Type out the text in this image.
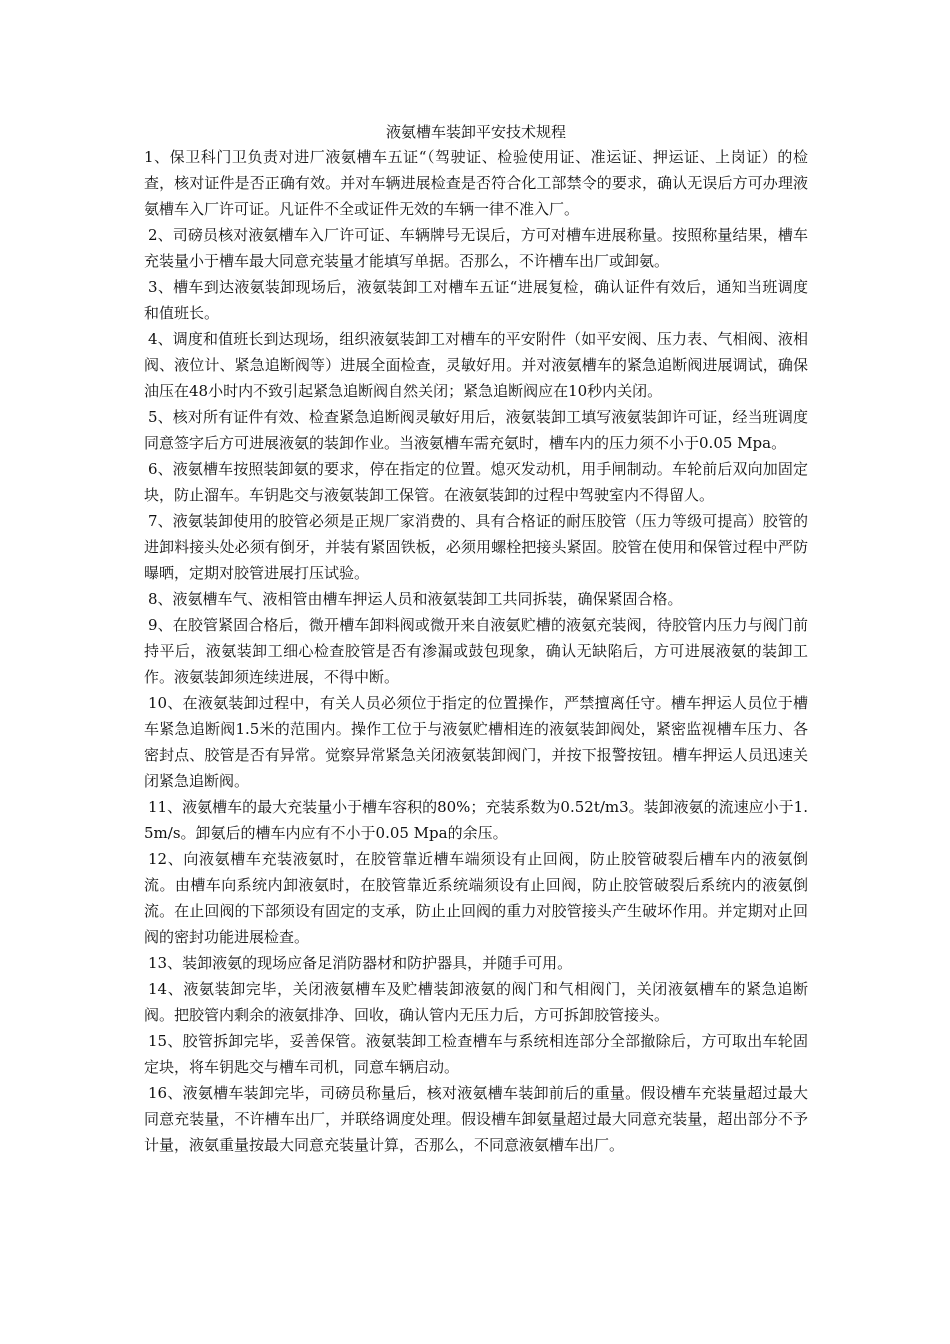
液氨槽车装卸平安技术规程

1、保卫科门卫负责对进厂液氨槽车五证“（驾驶证、检验使用证、准运证、押运证、上岗证）的检查，核对证件是否正确有效。并对车辆进展检查是否符合化工部禁令的要求，确认无误后方可办理液氨槽车入厂许可证。凡证件不全或证件无效的车辆一律不准入厂。

2、司磅员核对液氨槽车入厂许可证、车辆牌号无误后，方可对槽车进展称量。按照称量结果，槽车充装量小于槽车最大同意充装量才能填写单据。否那么，不许槽车出厂或卸氨。

3、槽车到达液氨装卸现场后，液氨装卸工对槽车五证“进展复检，确认证件有效后，通知当班调度和值班长。

4、调度和值班长到达现场，组织液氨装卸工对槽车的平安附件（如平安阀、压力表、气相阀、液相阀、液位计、紧急追断阀等）进展全面检查，灵敏好用。并对液氨槽车的紧急追断阀进展调试，确保油压在48小时内不致引起紧急追断阀自然关闭；紧急追断阀应在10秒内关闭。

5、核对所有证件有效、检查紧急追断阀灵敏好用后，液氨装卸工填写液氨装卸许可证，经当班调度同意签字后方可进展液氨的装卸作业。当液氨槽车需充氨时，槽车内的压力须不小于0.05 Mpa。

6、液氨槽车按照装卸氨的要求，停在指定的位置。熄灭发动机，用手闸制动。车轮前后双向加固定块，防止溜车。车钥匙交与液氨装卸工保管。在液氨装卸的过程中驾驶室内不得留人。

7、液氨装卸使用的胶管必须是正规厂家消费的、具有合格证的耐压胶管（压力等级可提高）胶管的进卸料接头处必须有倒牙，并装有紧固铁板，必须用螺栓把接头紧固。胶管在使用和保管过程中严防曝晒，定期对胶管进展打压试验。

8、液氨槽车气、液相管由槽车押运人员和液氨装卸工共同拆装，确保紧固合格。

9、在胶管紧固合格后，微开槽车卸料阀或微开来自液氨贮槽的液氨充装阀，待胶管内压力与阀门前持平后，液氨装卸工细心检查胶管是否有渗漏或鼓包现象，确认无缺陷后，方可进展液氨的装卸工作。液氨装卸须连续进展，不得中断。

10、在液氨装卸过程中，有关人员必须位于指定的位置操作，严禁擅离任守。槽车押运人员位于槽车紧急追断阀1.5米的范围内。操作工位于与液氨贮槽相连的液氨装卸阀处，紧密监视槽车压力、各密封点、胶管是否有异常。觉察异常紧急关闭液氨装卸阀门，并按下报警按钮。槽车押运人员迅速关闭紧急追断阀。

11、液氨槽车的最大充装量小于槽车容积的80%；充装系数为0.52t/m3。装卸液氨的流速应小于1.5m/s。卸氨后的槽车内应有不小于0.05 Mpa的余压。

12、向液氨槽车充装液氨时，在胶管靠近槽车端须设有止回阀，防止胶管破裂后槽车内的液氨倒流。由槽车向系统内卸液氨时，在胶管靠近系统端须设有止回阀，防止胶管破裂后系统内的液氨倒流。在止回阀的下部须设有固定的支承，防止止回阀的重力对胶管接头产生破坏作用。并定期对止回阀的密封功能进展检查。

13、装卸液氨的现场应备足消防器材和防护器具，并随手可用。

14、液氨装卸完毕，关闭液氨槽车及贮槽装卸液氨的阀门和气相阀门，关闭液氨槽车的紧急追断阀。把胶管内剩余的液氨排净、回收，确认管内无压力后，方可拆卸胶管接头。

15、胶管拆卸完毕，妥善保管。液氨装卸工检查槽车与系统相连部分全部撤除后，方可取出车轮固定块，将车钥匙交与槽车司机，同意车辆启动。

16、液氨槽车装卸完毕，司磅员称量后，核对液氨槽车装卸前后的重量。假设槽车充装量超过最大同意充装量，不许槽车出厂，并联络调度处理。假设槽车卸氨量超过最大同意充装量，超出部分不予计量，液氨重量按最大同意充装量计算，否那么，不同意液氨槽车出厂。
